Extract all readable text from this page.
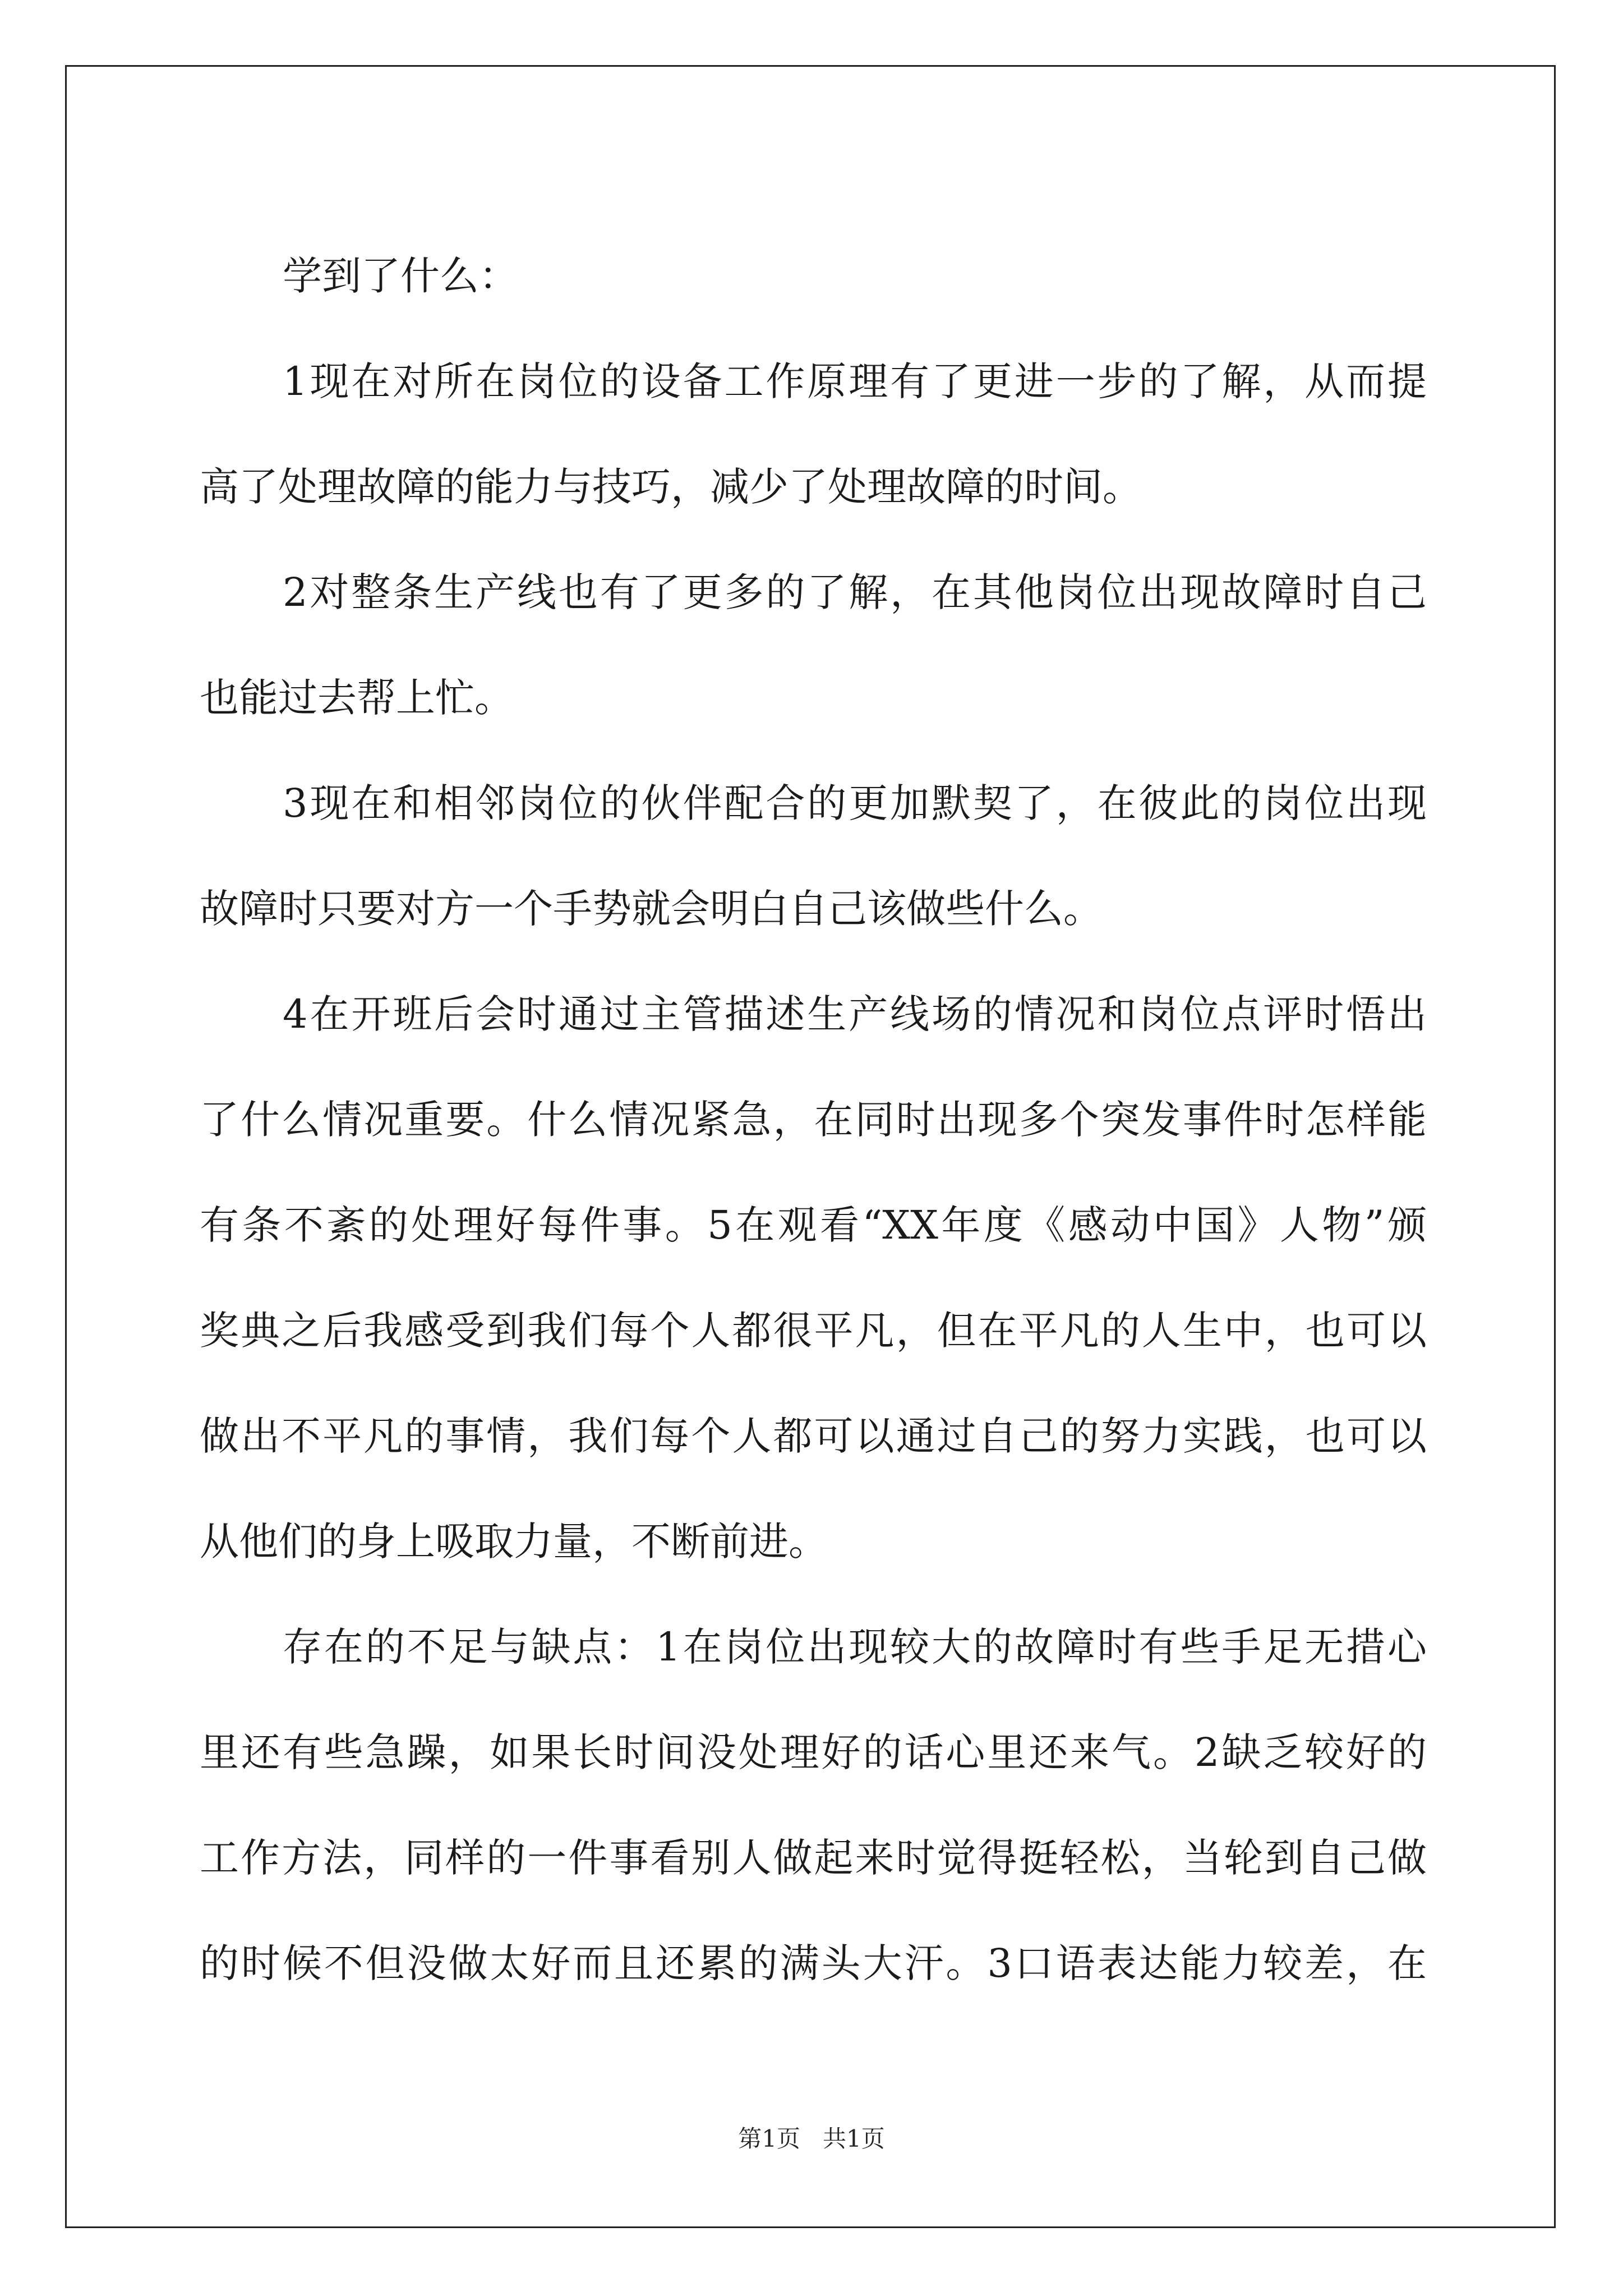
学到了什么：
1现在对所在岗位的设备工作原理有了更进一步的了解，从而提
高了处理故障的能力与技巧，减少了处理故障的时间。
2对整条生产线也有了更多的了解，在其他岗位出现故障时自己
也能过去帮上忙。
3现在和相邻岗位的伙伴配合的更加默契了，在彼此的岗位出现
故障时只要对方一个手势就会明白自己该做些什么。
4在开班后会时通过主管描述生产线场的情况和岗位点评时悟出
了什么情况重要。什么情况紧急，在同时出现多个突发事件时怎样能
有条不紊的处理好每件事。5在观看“XX年度《感动中国》人物”颁
奖典之后我感受到我们每个人都很平凡，但在平凡的人生中，也可以
做出不平凡的事情，我们每个人都可以通过自己的努力实践，也可以
从他们的身上吸取力量，不断前进。
存在的不足与缺点：1在岗位出现较大的故障时有些手足无措心
里还有些急躁，如果长时间没处理好的话心里还来气。2缺乏较好的
工作方法，同样的一件事看别人做起来时觉得挺轻松，当轮到自己做
的时候不但没做太好而且还累的满头大汗。3口语表达能力较差，在
第1页 共1页
